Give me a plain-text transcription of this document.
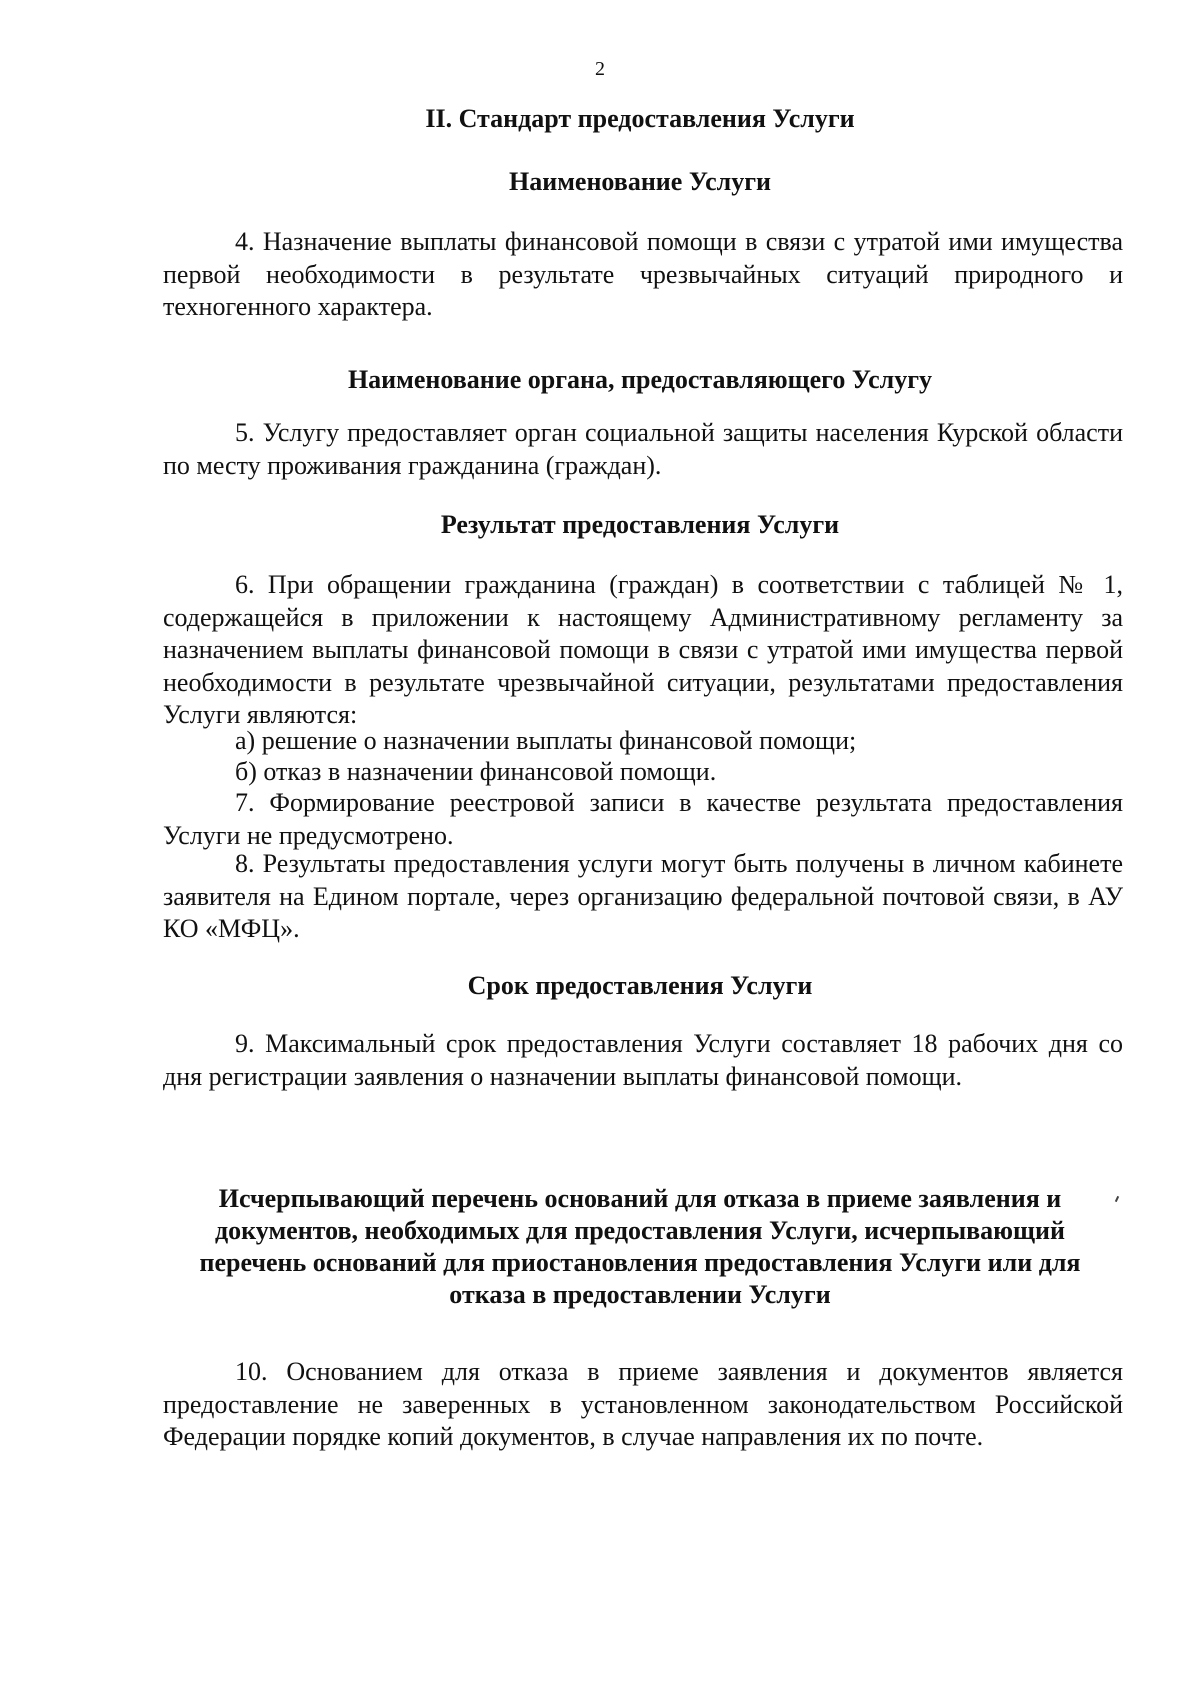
2
II. Стандарт предоставления Услуги
Наименование Услуги
4. Назначение выплаты финансовой помощи в связи с утратой ими имущества первой необходимости в результате чрезвычайных ситуаций природного и техногенного характера.
Наименование органа, предоставляющего Услугу
5. Услугу предоставляет орган социальной защиты населения Курской области по месту проживания гражданина (граждан).
Результат предоставления Услуги
6. При обращении гражданина (граждан) в соответствии с таблицей № 1, содержащейся в приложении к настоящему Административному регламенту за назначением выплаты финансовой помощи в связи с утратой ими имущества первой необходимости в результате чрезвычайной ситуации, результатами предоставления Услуги являются:
а) решение о назначении выплаты финансовой помощи;
б) отказ в назначении финансовой помощи.
7. Формирование реестровой записи в качестве результата предоставления Услуги не предусмотрено.
8. Результаты предоставления услуги могут быть получены в личном кабинете заявителя на Едином портале, через организацию федеральной почтовой связи, в АУ КО «МФЦ».
Срок предоставления Услуги
9. Максимальный срок предоставления Услуги составляет 18 рабочих дня со дня регистрации заявления о назначении выплаты финансовой помощи.
Исчерпывающий перечень оснований для отказа в приеме заявления и документов, необходимых для предоставления Услуги, исчерпывающий перечень оснований для приостановления предоставления Услуги или для отказа в предоставлении Услуги
10. Основанием для отказа в приеме заявления и документов является предоставление не заверенных в установленном законодательством Российской Федерации порядке копий документов, в случае направления их по почте.
